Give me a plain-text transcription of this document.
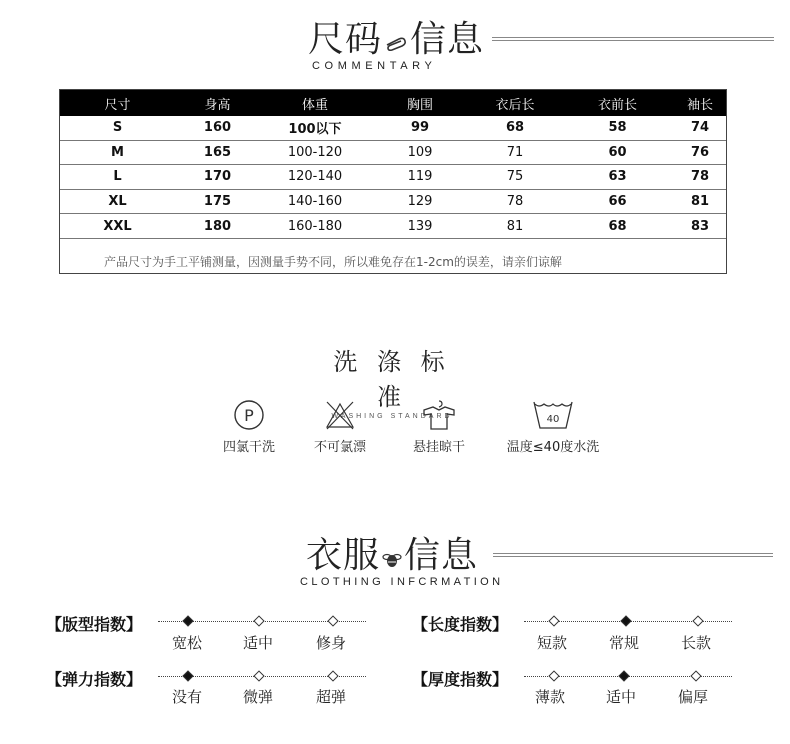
尺码 信息
COMMENTARY
尺寸	身高	体重	胸围	衣后长	衣前长	袖长
S	160	100以下	99	68	58	74
M	165	100-120	109	71	60	76
L	170	120-140	119	75	63	78
XL	175	140-160	129	78	66	81
XXL	180	160-180	139	81	68	83
产品尺寸为手工平铺测量，因测量手势不同，所以难免存在1-2cm的误差，请亲们谅解
洗 涤 标 准
WASHING STANDARD
P
四氯干洗	不可氯漂	悬挂晾干
40
温度≤40度水洗
衣服 信息
CLOTHING INFCRMATION
【版型指数】
宽松	适中	修身
【长度指数】
短款	常规	长款
【弹力指数】
没有	微弹	超弹
【厚度指数】
薄款	适中	偏厚
